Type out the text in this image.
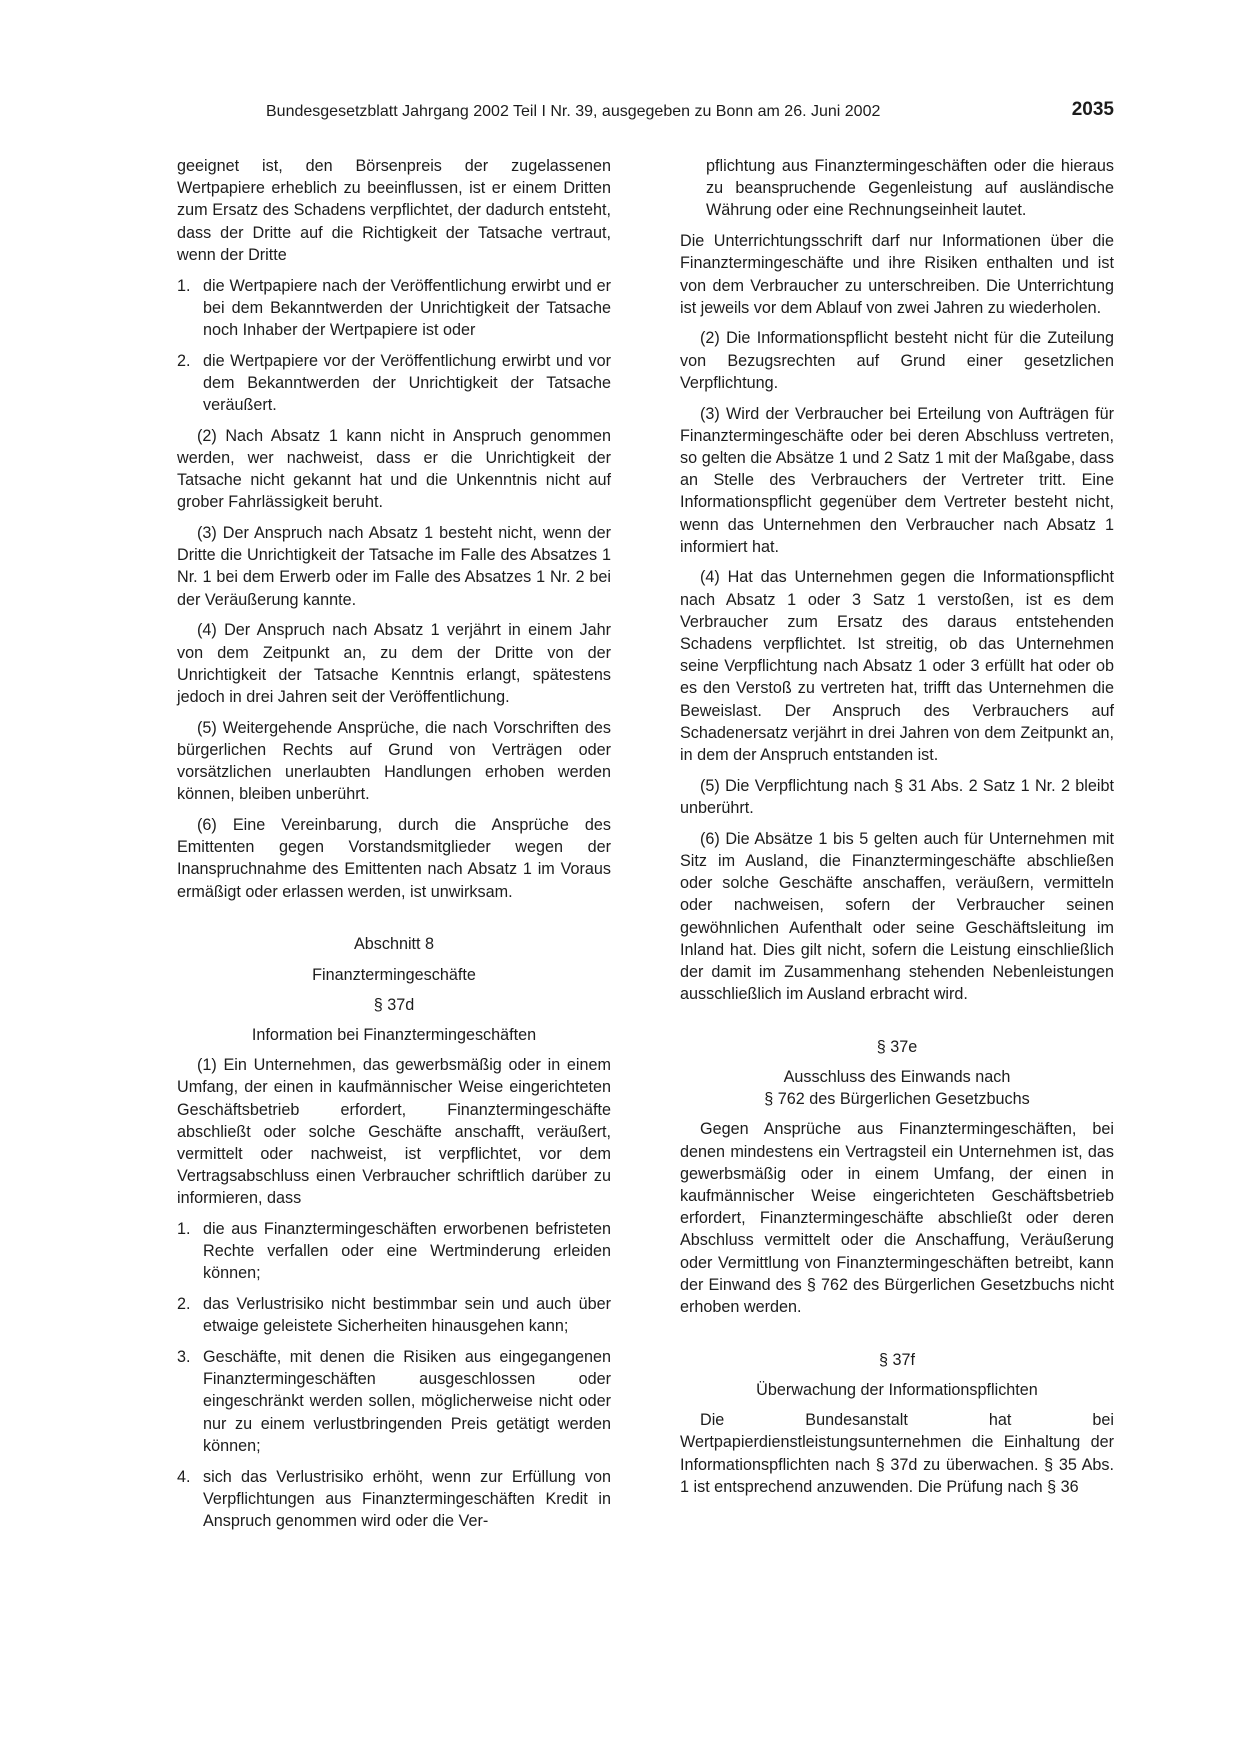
Bundesgesetzblatt Jahrgang 2002 Teil I Nr. 39, ausgegeben zu Bonn am 26. Juni 2002	2035

geeignet ist, den Börsenpreis der zugelassenen Wertpapiere erheblich zu beeinflussen, ist er einem Dritten zum Ersatz des Schadens verpflichtet, der dadurch entsteht, dass der Dritte auf die Richtigkeit der Tatsache vertraut, wenn der Dritte

1. die Wertpapiere nach der Veröffentlichung erwirbt und er bei dem Bekanntwerden der Unrichtigkeit der Tatsache noch Inhaber der Wertpapiere ist oder
2. die Wertpapiere vor der Veröffentlichung erwirbt und vor dem Bekanntwerden der Unrichtigkeit der Tatsache veräußert.

(2) Nach Absatz 1 kann nicht in Anspruch genommen werden, wer nachweist, dass er die Unrichtigkeit der Tatsache nicht gekannt hat und die Unkenntnis nicht auf grober Fahrlässigkeit beruht.

(3) Der Anspruch nach Absatz 1 besteht nicht, wenn der Dritte die Unrichtigkeit der Tatsache im Falle des Absatzes 1 Nr. 1 bei dem Erwerb oder im Falle des Absatzes 1 Nr. 2 bei der Veräußerung kannte.

(4) Der Anspruch nach Absatz 1 verjährt in einem Jahr von dem Zeitpunkt an, zu dem der Dritte von der Unrichtigkeit der Tatsache Kenntnis erlangt, spätestens jedoch in drei Jahren seit der Veröffentlichung.

(5) Weitergehende Ansprüche, die nach Vorschriften des bürgerlichen Rechts auf Grund von Verträgen oder vorsätzlichen unerlaubten Handlungen erhoben werden können, bleiben unberührt.

(6) Eine Vereinbarung, durch die Ansprüche des Emittenten gegen Vorstandsmitglieder wegen der Inanspruchnahme des Emittenten nach Absatz 1 im Voraus ermäßigt oder erlassen werden, ist unwirksam.

Abschnitt 8

Finanztermingeschäfte

§ 37d

Information bei Finanztermingeschäften

(1) Ein Unternehmen, das gewerbsmäßig oder in einem Umfang, der einen in kaufmännischer Weise eingerichteten Geschäftsbetrieb erfordert, Finanztermingeschäfte abschließt oder solche Geschäfte anschafft, veräußert, vermittelt oder nachweist, ist verpflichtet, vor dem Vertragsabschluss einen Verbraucher schriftlich darüber zu informieren, dass

1. die aus Finanztermingeschäften erworbenen befristeten Rechte verfallen oder eine Wertminderung erleiden können;
2. das Verlustrisiko nicht bestimmbar sein und auch über etwaige geleistete Sicherheiten hinausgehen kann;
3. Geschäfte, mit denen die Risiken aus eingegangenen Finanztermingeschäften ausgeschlossen oder eingeschränkt werden sollen, möglicherweise nicht oder nur zu einem verlustbringenden Preis getätigt werden können;
4. sich das Verlustrisiko erhöht, wenn zur Erfüllung von Verpflichtungen aus Finanztermingeschäften Kredit in Anspruch genommen wird oder die Ver-
pflichtung aus Finanztermingeschäften oder die hieraus zu beanspruchende Gegenleistung auf ausländische Währung oder eine Rechnungseinheit lautet.

Die Unterrichtungsschrift darf nur Informationen über die Finanztermingeschäfte und ihre Risiken enthalten und ist von dem Verbraucher zu unterschreiben. Die Unterrichtung ist jeweils vor dem Ablauf von zwei Jahren zu wiederholen.

(2) Die Informationspflicht besteht nicht für die Zuteilung von Bezugsrechten auf Grund einer gesetzlichen Verpflichtung.

(3) Wird der Verbraucher bei Erteilung von Aufträgen für Finanztermingeschäfte oder bei deren Abschluss vertreten, so gelten die Absätze 1 und 2 Satz 1 mit der Maßgabe, dass an Stelle des Verbrauchers der Vertreter tritt. Eine Informationspflicht gegenüber dem Vertreter besteht nicht, wenn das Unternehmen den Verbraucher nach Absatz 1 informiert hat.

(4) Hat das Unternehmen gegen die Informationspflicht nach Absatz 1 oder 3 Satz 1 verstoßen, ist es dem Verbraucher zum Ersatz des daraus entstehenden Schadens verpflichtet. Ist streitig, ob das Unternehmen seine Verpflichtung nach Absatz 1 oder 3 erfüllt hat oder ob es den Verstoß zu vertreten hat, trifft das Unternehmen die Beweislast. Der Anspruch des Verbrauchers auf Schadenersatz verjährt in drei Jahren von dem Zeitpunkt an, in dem der Anspruch entstanden ist.

(5) Die Verpflichtung nach § 31 Abs. 2 Satz 1 Nr. 2 bleibt unberührt.

(6) Die Absätze 1 bis 5 gelten auch für Unternehmen mit Sitz im Ausland, die Finanztermingeschäfte abschließen oder solche Geschäfte anschaffen, veräußern, vermitteln oder nachweisen, sofern der Verbraucher seinen gewöhnlichen Aufenthalt oder seine Geschäftsleitung im Inland hat. Dies gilt nicht, sofern die Leistung einschließlich der damit im Zusammenhang stehenden Nebenleistungen ausschließlich im Ausland erbracht wird.

§ 37e

Ausschluss des Einwands nach

§ 762 des Bürgerlichen Gesetzbuchs

Gegen Ansprüche aus Finanztermingeschäften, bei denen mindestens ein Vertragsteil ein Unternehmen ist, das gewerbsmäßig oder in einem Umfang, der einen in kaufmännischer Weise eingerichteten Geschäftsbetrieb erfordert, Finanztermingeschäfte abschließt oder deren Abschluss vermittelt oder die Anschaffung, Veräußerung oder Vermittlung von Finanztermingeschäften betreibt, kann der Einwand des § 762 des Bürgerlichen Gesetzbuchs nicht erhoben werden.

§ 37f

Überwachung der Informationspflichten

Die Bundesanstalt hat bei Wertpapierdienstleistungsunternehmen die Einhaltung der Informationspflichten nach § 37d zu überwachen. § 35 Abs. 1 ist entsprechend anzuwenden. Die Prüfung nach § 36
